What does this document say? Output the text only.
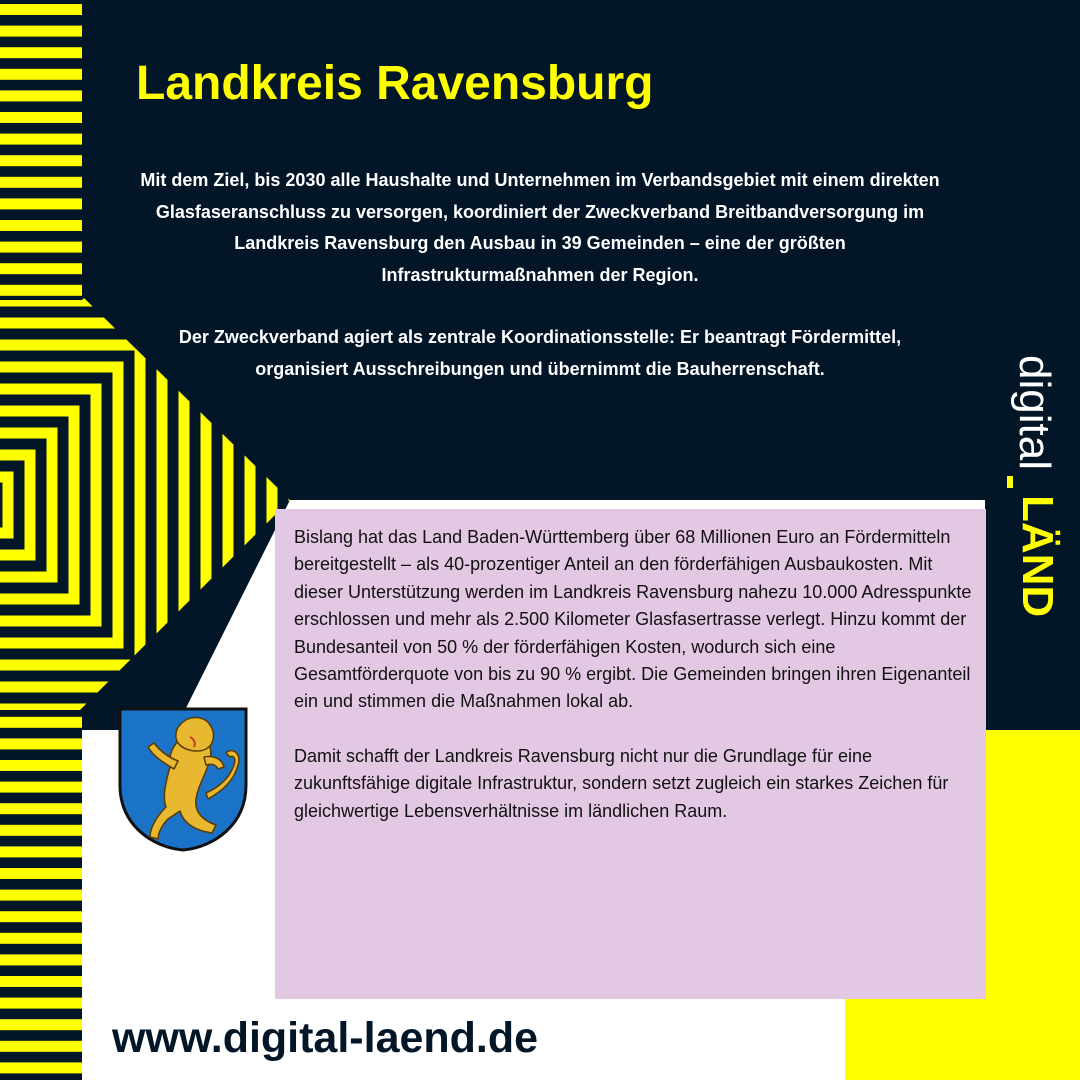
Landkreis Ravensburg

Mit dem Ziel, bis 2030 alle Haushalte und Unternehmen im Verbandsgebiet mit einem direkten Glasfaseranschluss zu versorgen, koordiniert der Zweckverband Breitbandversorgung im Landkreis Ravensburg den Ausbau in 39 Gemeinden – eine der größten Infrastrukturmaßnahmen der Region.

Der Zweckverband agiert als zentrale Koordinationsstelle: Er beantragt Fördermittel, organisiert Ausschreibungen und übernimmt die Bauherrenschaft.

Bislang hat das Land Baden-Württemberg über 68 Millionen Euro an Fördermitteln bereitgestellt – als 40-prozentiger Anteil an den förderfähigen Ausbaukosten. Mit dieser Unterstützung werden im Landkreis Ravensburg nahezu 10.000 Adresspunkte erschlossen und mehr als 2.500 Kilometer Glasfasertrasse verlegt. Hinzu kommt der Bundesanteil von 50 % der förderfähigen Kosten, wodurch sich eine Gesamtförderquote von bis zu 90 % ergibt. Die Gemeinden bringen ihren Eigenanteil ein und stimmen die Maßnahmen lokal ab.

Damit schafft der Landkreis Ravensburg nicht nur die Grundlage für eine zukunftsfähige digitale Infrastruktur, sondern setzt zugleich ein starkes Zeichen für gleichwertige Lebensverhältnisse im ländlichen Raum.

www.digital-laend.de
digital
LÄND
